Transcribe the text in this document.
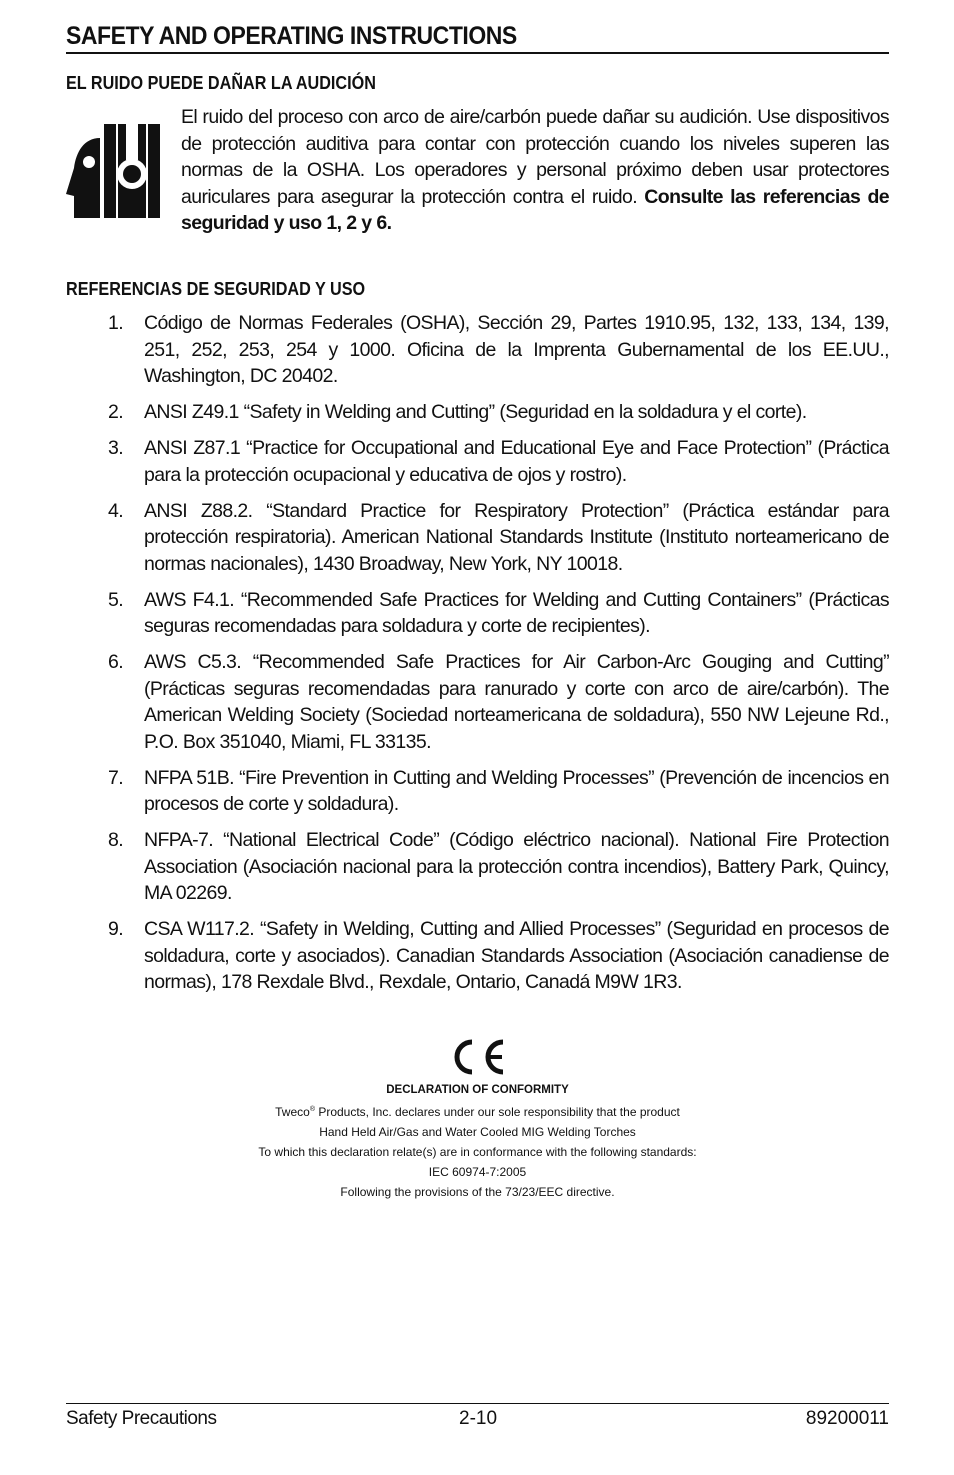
SAFETY AND OPERATING INSTRUCTIONS
EL RUIDO PUEDE DAÑAR LA AUDICIÓN

El ruido del proceso con arco de aire/carbón puede dañar su audición. Use dispositivos de protección auditiva para contar con protección cuando los niveles superen las normas de la OSHA. Los operadores y personal próximo deben usar protectores auriculares para asegurar la protección contra el ruido. Consulte las referencias de seguridad y uso 1, 2 y 6.

REFERENCIAS DE SEGURIDAD Y USO
1. Código de Normas Federales (OSHA), Sección 29, Partes 1910.95, 132, 133, 134, 139, 251, 252, 253, 254 y 1000. Oficina de la Imprenta Gubernamental de los EE.UU., Washington, DC 20402.
2. ANSI Z49.1 “Safety in Welding and Cutting” (Seguridad en la soldadura y el corte).
3. ANSI Z87.1 “Practice for Occupational and Educational Eye and Face Protection” (Práctica para la protección ocupacional y educativa de ojos y rostro).
4. ANSI Z88.2. “Standard Practice for Respiratory Protection” (Práctica estándar para protección respiratoria). American National Standards Institute (Instituto norteamericano de normas nacionales), 1430 Broadway, New York, NY 10018.
5. AWS F4.1. “Recommended Safe Practices for Welding and Cutting Containers” (Prácticas seguras recomendadas para soldadura y corte de recipientes).
6. AWS C5.3. “Recommended Safe Practices for Air Carbon-Arc Gouging and Cutting” (Prácticas seguras recomendadas para ranurado y corte con arco de aire/carbón). The American Welding Society (Sociedad norteamericana de soldadura), 550 NW Lejeune Rd., P.O. Box 351040, Miami, FL 33135.
7. NFPA 51B. “Fire Prevention in Cutting and Welding Processes” (Prevención de incencios en procesos de corte y soldadura).
8. NFPA-7. “National Electrical Code” (Código eléctrico nacional). National Fire Protection Association (Asociación nacional para la protección contra incendios), Battery Park, Quincy, MA 02269.
9. CSA W117.2. “Safety in Welding, Cutting and Allied Processes” (Seguridad en procesos de soldadura, corte y asociados). Canadian Standards Association (Asociación canadiense de normas), 178 Rexdale Blvd., Rexdale, Ontario, Canadá M9W 1R3.
DECLARATION OF CONFORMITY
Tweco® Products, Inc. declares under our sole responsibility that the product
Hand Held Air/Gas and Water Cooled MIG Welding Torches
To which this declaration relate(s) are in conformance with the following standards:
IEC 60974-7:2005
Following the provisions of the 73/23/EEC directive.
Safety Precautions	2-10	89200011
